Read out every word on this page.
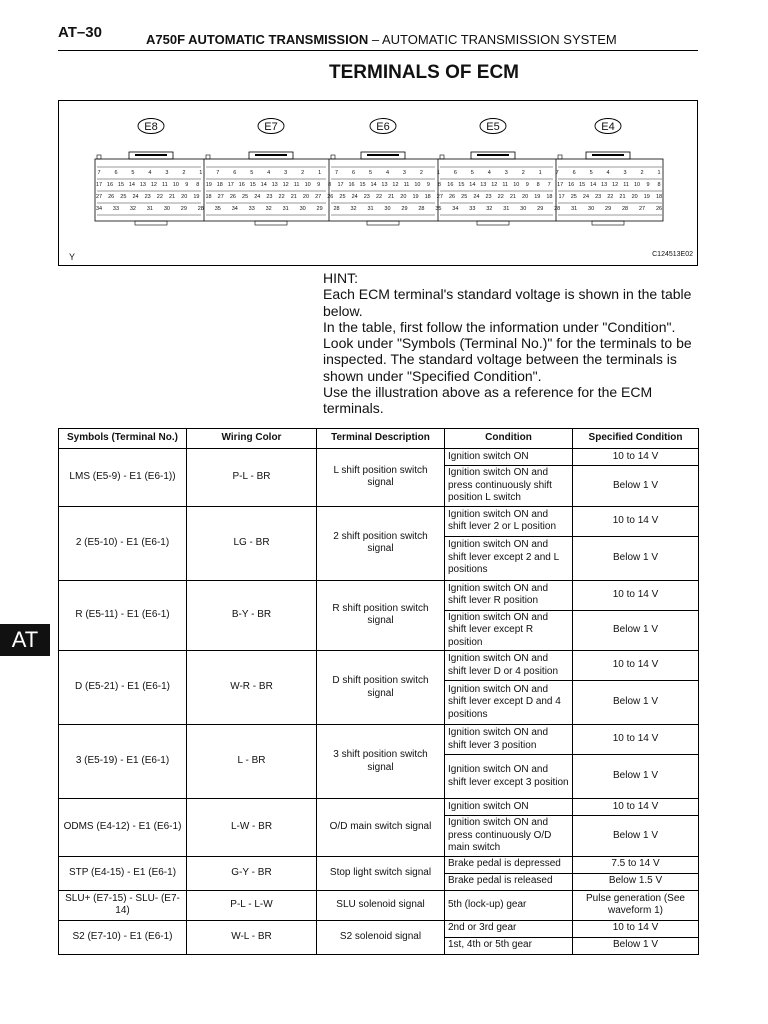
AT–30	A750F AUTOMATIC TRANSMISSION – AUTOMATIC TRANSMISSION SYSTEM
TERMINALS OF ECM
E8	E7	E6	E5	E4
7	6	5	4	3	2	1	7	6	5	4	3	2	1	7	6	5	4	3	2	1	6	5	4	3	2	1	7	6	5	4	3	2	1
17 16 15 14 13 12 11 10 9 8 19 18 17 16 15 14 13 12 11 10 9 8 17 16 15 14 13 12 11 10 9 8 16 15 14 13 12 11 10 9 8 7 17 16 15 14 13 12 11 10 9 8
27 26 25 24 23 22 21 20 19 18 27 26 25 24 23 22 21 20 27 26 25 24 23 22 21 20 19 18 27 26 25 24 23 22 21 20 19 18 17 25 24 23 22 21 20 19 18
34 33 32 31 30 29 28 35 34 33 32 31 30 29 28 32 31 30 29 28 35 34 33 32 31 30 29 28 31 30 29 28 27 26
Y	C124513E02

HINT:

Each ECM terminal's standard voltage is shown in the table below.

In the table, first follow the information under "Condition". Look under "Symbols (Terminal No.)" for the terminals to be inspected. The standard voltage between the terminals is shown under "Specified Condition".

Use the illustration above as a reference for the ECM terminals.

AT
Symbols (Terminal No.)	Wiring Color	Terminal Description	Condition	Specified Condition
LMS (E5-9) - E1 (E6-1))	P-L - BR	L shift position switch signal	Ignition switch ON	10 to 14 V
			Ignition switch ON and press continuously shift position L switch	Below 1 V
2 (E5-10) - E1 (E6-1)	LG - BR	2 shift position switch signal	Ignition switch ON and shift lever 2 or L position	10 to 14 V
			Ignition switch ON and shift lever except 2 and L positions	Below 1 V
R (E5-11) - E1 (E6-1)	B-Y - BR	R shift position switch signal	Ignition switch ON and shift lever R position	10 to 14 V
			Ignition switch ON and shift lever except R position	Below 1 V
D (E5-21) - E1 (E6-1)	W-R - BR	D shift position switch signal	Ignition switch ON and shift lever D or 4 position	10 to 14 V
			Ignition switch ON and shift lever except D and 4 positions	Below 1 V
3 (E5-19) - E1 (E6-1)	L - BR	3 shift position switch signal	Ignition switch ON and shift lever 3 position	10 to 14 V
			Ignition switch ON and shift lever except 3 position	Below 1 V
ODMS (E4-12) - E1 (E6-1)	L-W - BR	O/D main switch signal	Ignition switch ON	10 to 14 V
			Ignition switch ON and press continuously O/D main switch	Below 1 V
STP (E4-15) - E1 (E6-1)	G-Y - BR	Stop light switch signal	Brake pedal is depressed	7.5 to 14 V
			Brake pedal is released	Below 1.5 V
SLU+ (E7-15) - SLU- (E7-14)	P-L - L-W	SLU solenoid signal	5th (lock-up) gear	Pulse generation (See waveform 1)
S2 (E7-10) - E1 (E6-1)	W-L - BR	S2 solenoid signal	2nd or 3rd gear	10 to 14 V
			1st, 4th or 5th gear	Below 1 V
